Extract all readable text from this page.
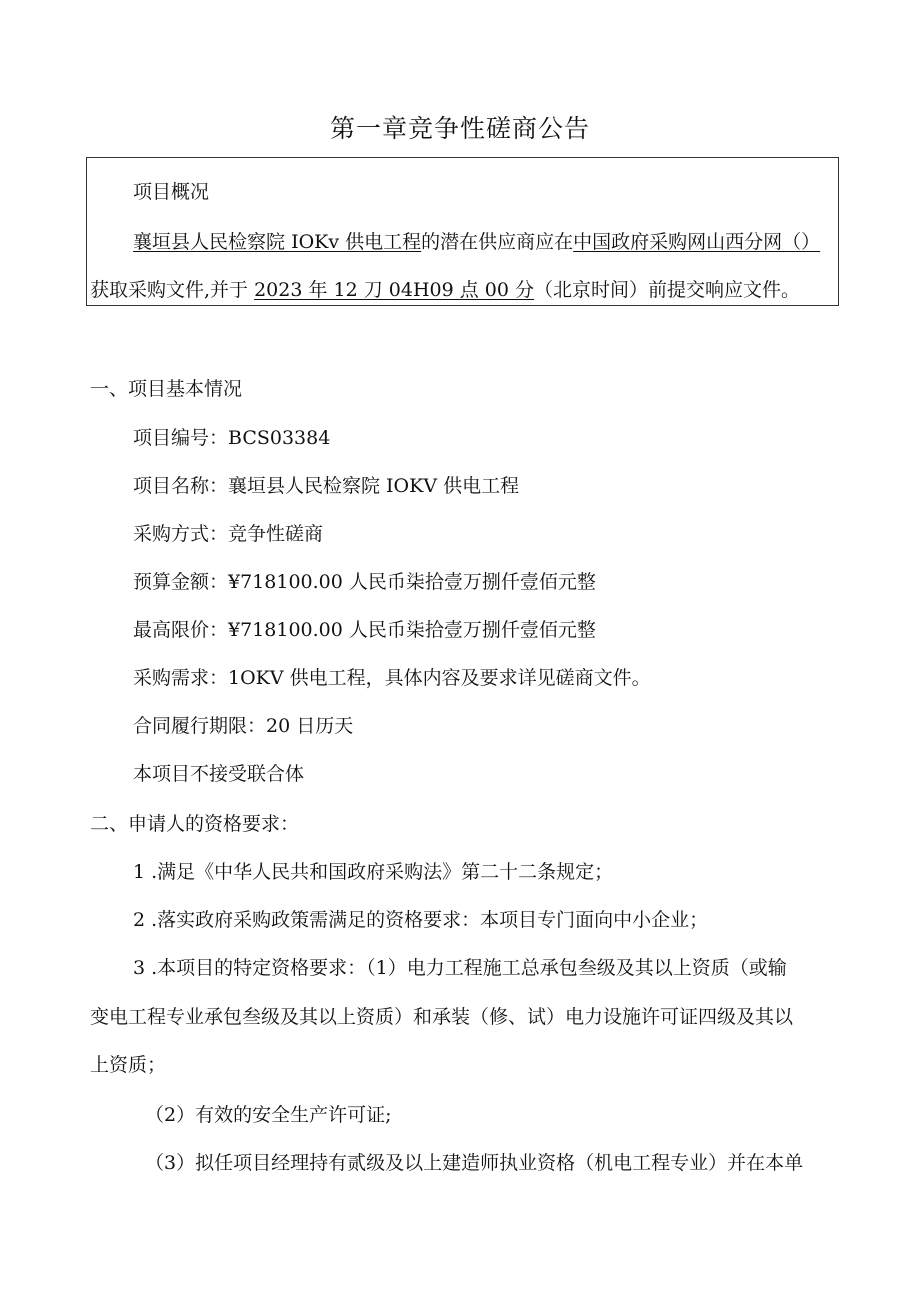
第一章竞争性磋商公告
项目概况
襄垣县人民检察院 IOKv 供电工程的潜在供应商应在中国政府采购网山西分网（）
获取采购文件,并于 2023 年 12 刀 04H09 点 00 分（北京时间）前提交响应文件。
一、项目基本情况
项目编号：BCS03384
项目名称：襄垣县人民检察院 IOKV 供电工程
采购方式：竞争性磋商
预算金额：¥718100.00 人民币柒拾壹万捌仟壹佰元整
最高限价：¥718100.00 人民币柒拾壹万捌仟壹佰元整
采购需求：1OKV 供电工程，具体内容及要求详见磋商文件。
合同履行期限：20 日历天
本项目不接受联合体
二、申请人的资格要求：
1 .满足《中华人民共和国政府采购法》第二十二条规定；
2 .落实政府采购政策需满足的资格要求：本项目专门面向中小企业；
3 .本项目的特定资格要求：（1）电力工程施工总承包叁级及其以上资质（或输
变电工程专业承包叁级及其以上资质）和承装（修、试）电力设施许可证四级及其以
上资质；
（2）有效的安全生产许可证;
（3）拟任项目经理持有贰级及以上建造师执业资格（机电工程专业）并在本单
